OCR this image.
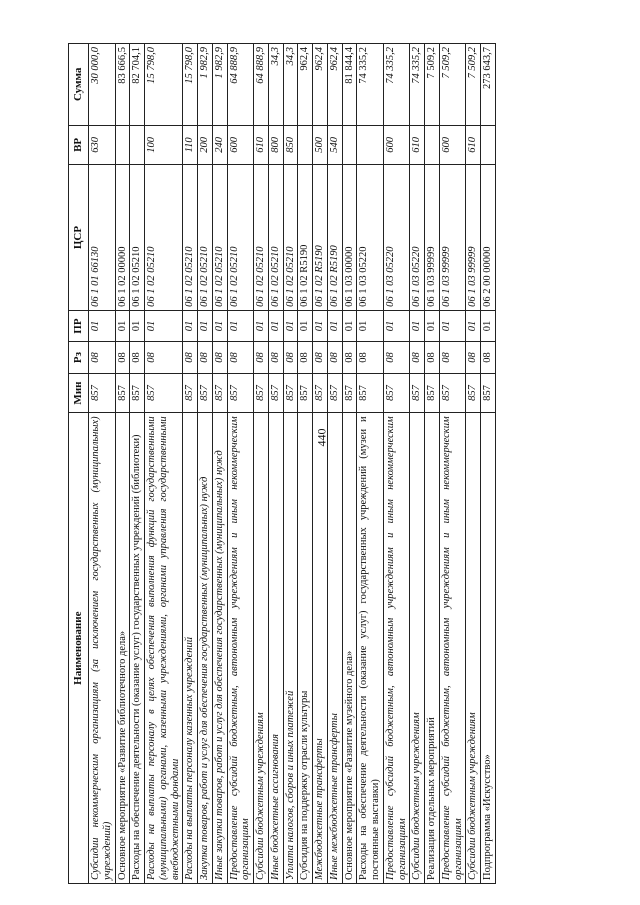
440
Наименование	Мин	Рз	ПР	ЦСР	ВР	Сумма
Субсидии некоммерческим организациям (за исключением государственных (муниципальных) учреждений)	857	08	01	06 1 01 66130	630	30 000,0
Основное мероприятие «Развитие библиотечного дела»	857	08	01	06 1 02 00000		83 666,5
Расходы на обеспечение деятельности (оказание услуг) государственных учреждений (библиотеки)	857	08	01	06 1 02 05210		82 704,1
Расходы на выплаты персоналу в целях обеспечения выполнения функций государственными (муниципальными) органами, казенными учреждениями, органами управления государственными внебюджетными фондами	857	08	01	06 1 02 05210	100	15 798,0
Расходы на выплаты персоналу казенных учреждений	857	08	01	06 1 02 05210	110	15 798,0
Закупка товаров, работ и услуг для обеспечения государственных (муниципальных) нужд	857	08	01	06 1 02 05210	200	1 982,9
Иные закупки товаров, работ и услуг для обеспечения государственных (муниципальных) нужд	857	08	01	06 1 02 05210	240	1 982,9
Предоставление субсидий бюджетным, автономным учреждениям и иным некоммерческим организациям	857	08	01	06 1 02 05210	600	64 888,9
Субсидии бюджетным учреждениям	857	08	01	06 1 02 05210	610	64 888,9
Иные бюджетные ассигнования	857	08	01	06 1 02 05210	800	34,3
Уплата налогов, сборов и иных платежей	857	08	01	06 1 02 05210	850	34,3
Субсидия на поддержку отрасли культуры	857	08	01	06 1 02 R5190		962,4
Межбюджетные трансферты	857	08	01	06 1 02 R5190	500	962,4
Иные межбюджетные трансферты	857	08	01	06 1 02 R5190	540	962,4
Основное мероприятие «Развитие музейного дела»	857	08	01	06 1 03 00000		81 844,4
Расходы на обеспечение деятельности (оказание услуг) государственных учреждений (музеи и постоянные выставки)	857	08	01	06 1 03 05220		74 335,2
Предоставление субсидий бюджетным, автономным учреждениям и иным некоммерческим организациям	857	08	01	06 1 03 05220	600	74 335,2
Субсидии бюджетным учреждениям	857	08	01	06 1 03 05220	610	74 335,2
Реализация отдельных мероприятий	857	08	01	06 1 03 99999		7 509,2
Предоставление субсидий бюджетным, автономным учреждениям и иным некоммерческим организациям	857	08	01	06 1 03 99999	600	7 509,2
Субсидии бюджетным учреждениям	857	08	01	06 1 03 99999	610	7 509,2
Подпрограмма «Искусство»	857	08	01	06 2 00 00000		273 643,7
